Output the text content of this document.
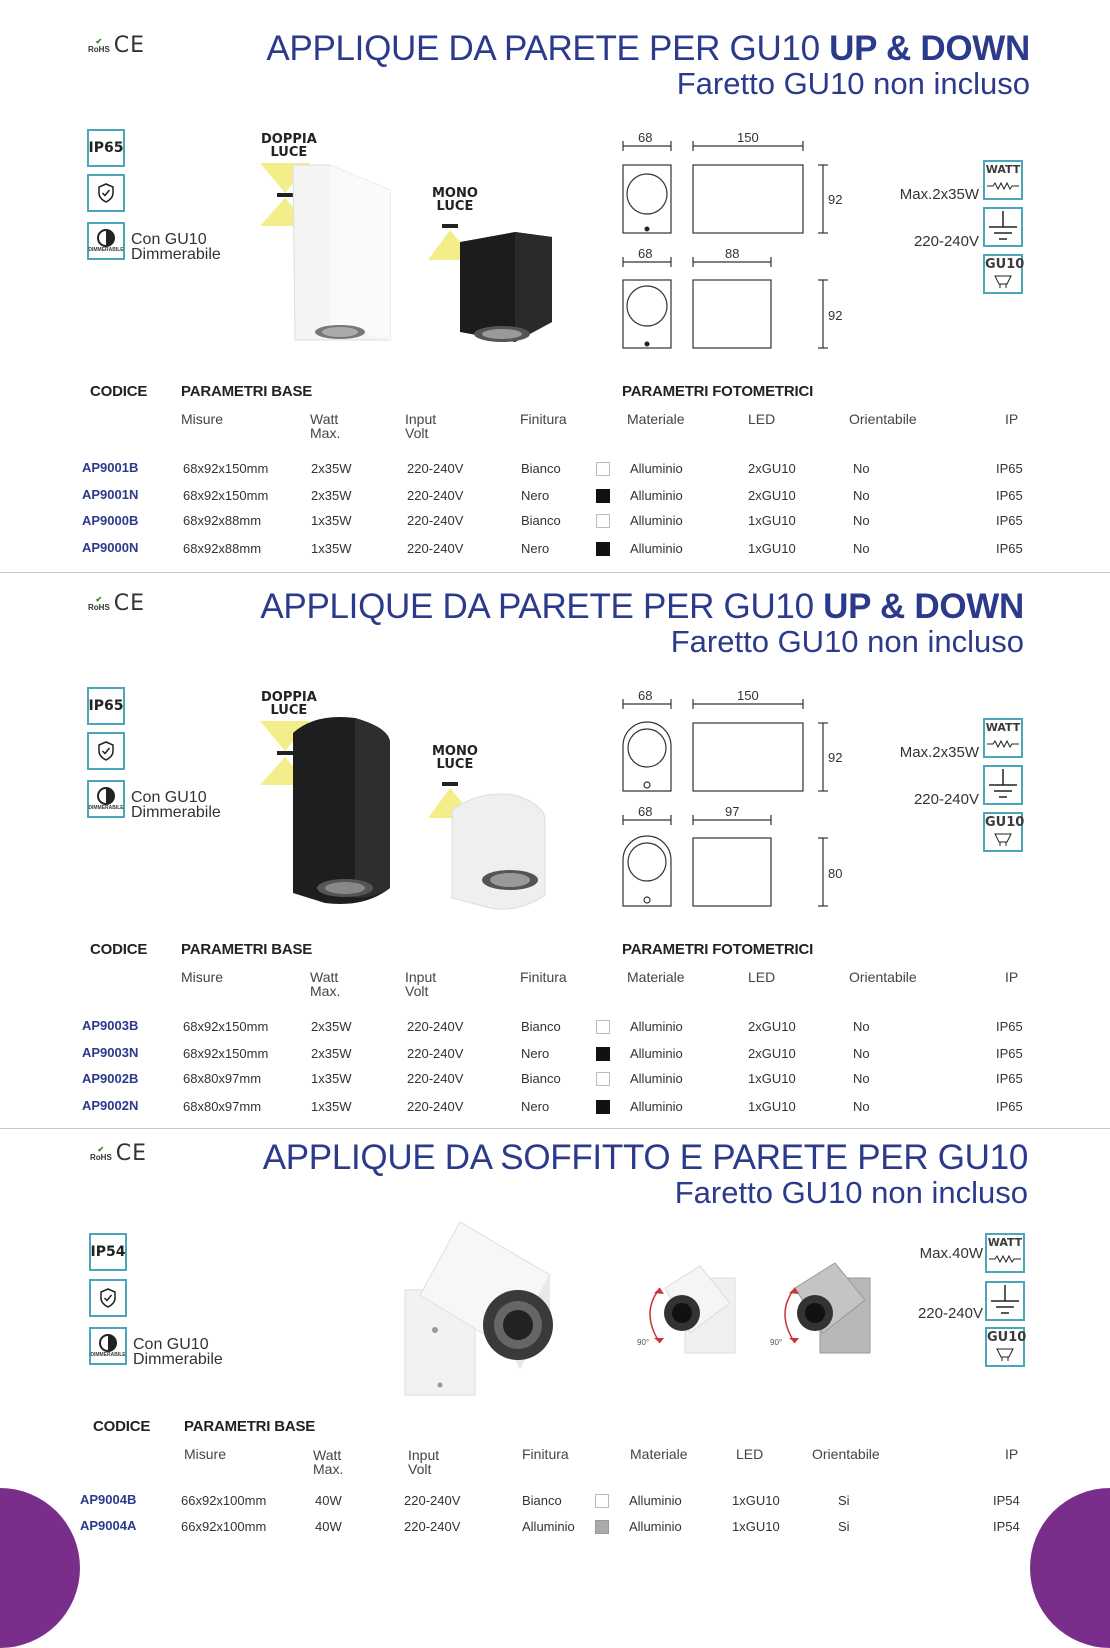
✔
RoHS CE	APPLIQUE DA PARETE PER GU10 UP & DOWN
Faretto GU10 non incluso
IP65
DIMMERABILE
Con GU10
Dimmerabile
DOPPIA
LUCE
MONO
LUCE
68	150
92
68	88
92
Max.2x35W
220-240V
WATT
GU10
CODICE PARAMETRI BASE	PARAMETRI FOTOMETRICI
Misure	Watt
Max.
Input
Volt
Finitura	Materiale	LED	Orientabile	IP
AP9001B	68x92x150mm	2x35W	220-240V	Bianco	Alluminio	2xGU10	No	IP65
AP9001N	68x92x150mm	2x35W	220-240V	Nero	Alluminio	2xGU10	No	IP65
AP9000B	68x92x88mm	1x35W	220-240V	Bianco	Alluminio	1xGU10	No	IP65
AP9000N	68x92x88mm	1x35W	220-240V	Nero	Alluminio	1xGU10	No	IP65
✔
RoHS CE	APPLIQUE DA PARETE PER GU10 UP & DOWN
Faretto GU10 non incluso
IP65
DIMMERABILE
Con GU10
Dimmerabile
DOPPIA
LUCE
MONO
LUCE
68	150
92
68	97
80
Max.2x35W
220-240V
WATT
GU10
CODICE PARAMETRI BASE	PARAMETRI FOTOMETRICI
Misure	Watt
Max.
Input
Volt
Finitura	Materiale	LED	Orientabile	IP
AP9003B	68x92x150mm	2x35W	220-240V	Bianco	Alluminio	2xGU10	No	IP65
AP9003N	68x92x150mm	2x35W	220-240V	Nero	Alluminio	2xGU10	No	IP65
AP9002B	68x80x97mm	1x35W	220-240V	Bianco	Alluminio	1xGU10	No	IP65
AP9002N	68x80x97mm	1x35W	220-240V	Nero	Alluminio	1xGU10	No	IP65
✔
RoHS CE	APPLIQUE DA SOFFITTO E PARETE PER GU10
Faretto GU10 non incluso
IP54
DIMMERABILE
Con GU10
Dimmerabile
90°	90°
Max.40W
220-240V
WATT
GU10
CODICE PARAMETRI BASE
Misure	Watt
Max.
Input
Volt
Finitura	Materiale	LED	Orientabile	IP
AP9004B	66x92x100mm	40W	220-240V	Bianco	Alluminio	1xGU10	Si	IP54
AP9004A	66x92x100mm	40W	220-240V	Alluminio	Alluminio	1xGU10	Si	IP54
